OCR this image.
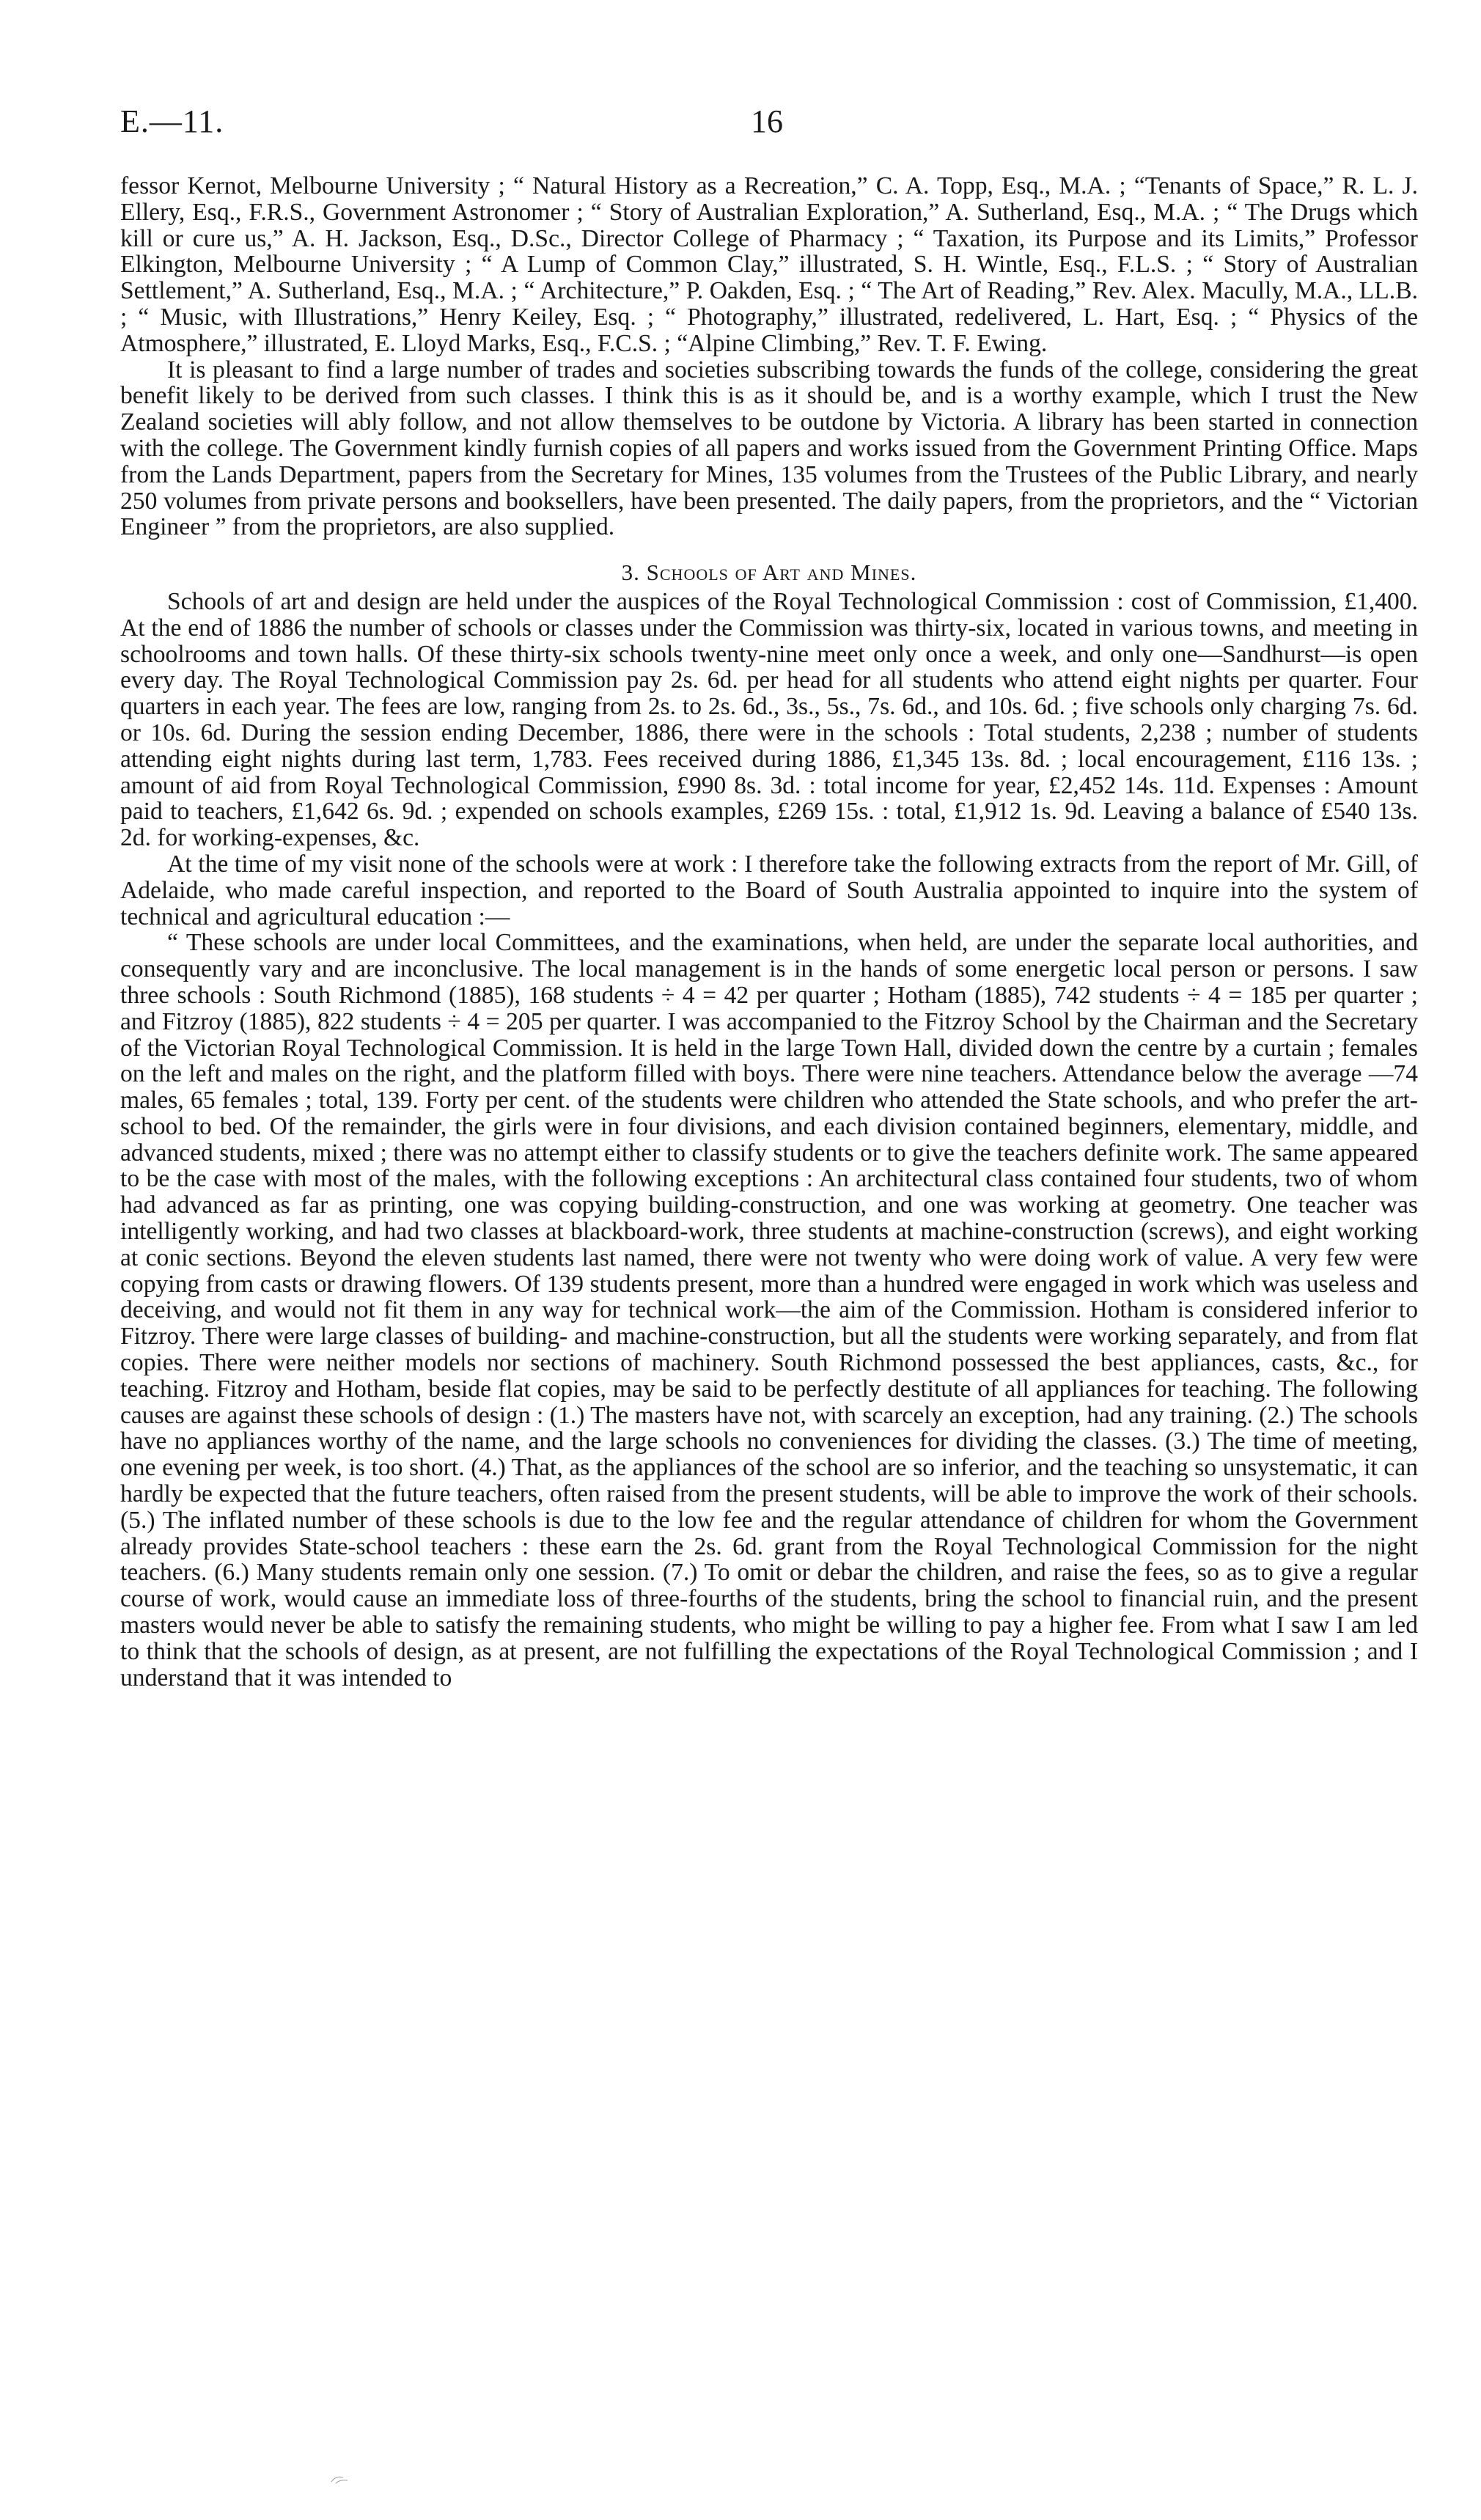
E.—11.	16

fessor Kernot, Melbourne University ; “ Natural History as a Recreation,” C. A. Topp, Esq., M.A. ; “Tenants of Space,” R. L. J. Ellery, Esq., F.R.S., Government Astronomer ; “ Story of Australian Exploration,” A. Sutherland, Esq., M.A. ; “ The Drugs which kill or cure us,” A. H. Jackson, Esq., D.Sc., Director College of Pharmacy ; “ Taxation, its Purpose and its Limits,” Professor Elkington, Melbourne University ; “ A Lump of Common Clay,” illustrated, S. H. Wintle, Esq., F.L.S. ; “ Story of Australian Settlement,” A. Sutherland, Esq., M.A. ; “ Architecture,” P. Oakden, Esq. ; “ The Art of Reading,” Rev. Alex. Macully, M.A., LL.B. ; “ Music, with Illustrations,” Henry Keiley, Esq. ; “ Photography,” illustrated, redelivered, L. Hart, Esq. ; “ Physics of the Atmosphere,” illustrated, E. Lloyd Marks, Esq., F.C.S. ; “Alpine Climbing,” Rev. T. F. Ewing.

It is pleasant to find a large number of trades and societies subscribing towards the funds of the college, considering the great benefit likely to be derived from such classes. I think this is as it should be, and is a worthy example, which I trust the New Zealand societies will ably follow, and not allow themselves to be outdone by Victoria. A library has been started in connection with the college. The Government kindly furnish copies of all papers and works issued from the Government Printing Office. Maps from the Lands Department, papers from the Secretary for Mines, 135 volumes from the Trustees of the Public Library, and nearly 250 volumes from private persons and booksellers, have been presented. The daily papers, from the proprietors, and the “ Victorian Engineer ” from the proprietors, are also supplied.

3. Schools of Art and Mines.

Schools of art and design are held under the auspices of the Royal Technological Commission : cost of Commission, £1,400. At the end of 1886 the number of schools or classes under the Commission was thirty-six, located in various towns, and meeting in schoolrooms and town halls. Of these thirty-six schools twenty-nine meet only once a week, and only one—Sandhurst—is open every day. The Royal Technological Commission pay 2s. 6d. per head for all students who attend eight nights per quarter. Four quarters in each year. The fees are low, ranging from 2s. to 2s. 6d., 3s., 5s., 7s. 6d., and 10s. 6d. ; five schools only charging 7s. 6d. or 10s. 6d. During the session ending December, 1886, there were in the schools : Total students, 2,238 ; number of students attending eight nights during last term, 1,783. Fees received during 1886, £1,345 13s. 8d. ; local encouragement, £116 13s. ; amount of aid from Royal Technological Commission, £990 8s. 3d. : total income for year, £2,452 14s. 11d. Expenses : Amount paid to teachers, £1,642 6s. 9d. ; expended on schools examples, £269 15s. : total, £1,912 1s. 9d. Leaving a balance of £540 13s. 2d. for working-expenses, &c.

At the time of my visit none of the schools were at work : I therefore take the following extracts from the report of Mr. Gill, of Adelaide, who made careful inspection, and reported to the Board of South Australia appointed to inquire into the system of technical and agricultural education :—

“ These schools are under local Committees, and the examinations, when held, are under the separate local authorities, and consequently vary and are inconclusive. The local management is in the hands of some energetic local person or persons. I saw three schools : South Richmond (1885), 168 students ÷ 4 = 42 per quarter ; Hotham (1885), 742 students ÷ 4 = 185 per quarter ; and Fitzroy (1885), 822 students ÷ 4 = 205 per quarter. I was accompanied to the Fitzroy School by the Chairman and the Secretary of the Victorian Royal Technological Commission. It is held in the large Town Hall, divided down the centre by a curtain ; females on the left and males on the right, and the platform filled with boys. There were nine teachers. Attendance below the average —74 males, 65 females ; total, 139. Forty per cent. of the students were children who attended the State schools, and who prefer the art-school to bed. Of the remainder, the girls were in four divisions, and each division contained beginners, elementary, middle, and advanced students, mixed ; there was no attempt either to classify students or to give the teachers definite work. The same appeared to be the case with most of the males, with the following exceptions : An architectural class contained four students, two of whom had advanced as far as printing, one was copying building-construction, and one was working at geometry. One teacher was intelligently working, and had two classes at blackboard-work, three students at machine-construction (screws), and eight working at conic sections. Beyond the eleven students last named, there were not twenty who were doing work of value. A very few were copying from casts or drawing flowers. Of 139 students present, more than a hundred were engaged in work which was useless and deceiving, and would not fit them in any way for technical work—the aim of the Commission. Hotham is considered inferior to Fitzroy. There were large classes of building- and machine-construction, but all the students were working separately, and from flat copies. There were neither models nor sections of machinery. South Richmond possessed the best appliances, casts, &c., for teaching. Fitzroy and Hotham, beside flat copies, may be said to be perfectly destitute of all appliances for teaching. The following causes are against these schools of design : (1.) The masters have not, with scarcely an exception, had any training. (2.) The schools have no appliances worthy of the name, and the large schools no conveniences for dividing the classes. (3.) The time of meeting, one evening per week, is too short. (4.) That, as the appliances of the school are so inferior, and the teaching so unsystematic, it can hardly be expected that the future teachers, often raised from the present students, will be able to improve the work of their schools. (5.) The inflated number of these schools is due to the low fee and the regular attendance of children for whom the Government already provides State-school teachers : these earn the 2s. 6d. grant from the Royal Technological Commission for the night teachers. (6.) Many students remain only one session. (7.) To omit or debar the children, and raise the fees, so as to give a regular course of work, would cause an immediate loss of three-fourths of the students, bring the school to financial ruin, and the present masters would never be able to satisfy the remaining students, who might be willing to pay a higher fee. From what I saw I am led to think that the schools of design, as at present, are not fulfilling the expectations of the Royal Technological Commission ; and I understand that it was intended to
